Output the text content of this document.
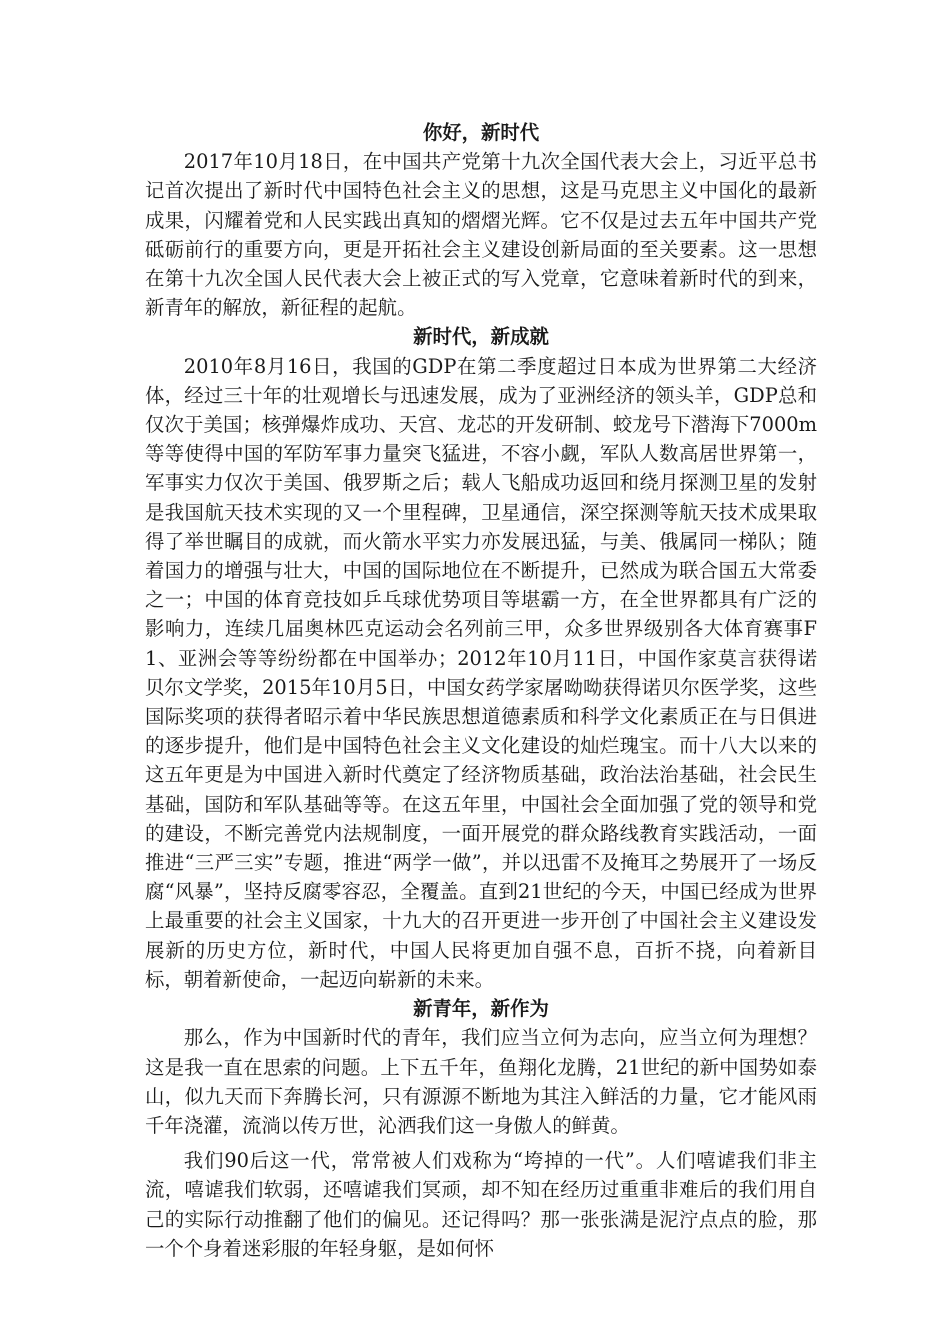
你好，新时代

2017年10月18日，在中国共产党第十九次全国代表大会上，习近平总书记首次提出了新时代中国特色社会主义的思想，这是马克思主义中国化的最新成果，闪耀着党和人民实践出真知的熠熠光辉。它不仅是过去五年中国共产党砥砺前行的重要方向，更是开拓社会主义建设创新局面的至关要素。这一思想在第十九次全国人民代表大会上被正式的写入党章，它意味着新时代的到来，新青年的解放，新征程的起航。

新时代，新成就

2010年8月16日，我国的GDP在第二季度超过日本成为世界第二大经济体，经过三十年的壮观增长与迅速发展，成为了亚洲经济的领头羊，GDP总和仅次于美国；核弹爆炸成功、天宫、龙芯的开发研制、蛟龙号下潜海下7000m等等使得中国的军防军事力量突飞猛进，不容小觑，军队人数高居世界第一，军事实力仅次于美国、俄罗斯之后；载人飞船成功返回和绕月探测卫星的发射是我国航天技术实现的又一个里程碑，卫星通信，深空探测等航天技术成果取得了举世瞩目的成就，而火箭水平实力亦发展迅猛，与美、俄属同一梯队；随着国力的增强与壮大，中国的国际地位在不断提升，已然成为联合国五大常委之一；中国的体育竞技如乒乓球优势项目等堪霸一方，在全世界都具有广泛的影响力，连续几届奥林匹克运动会名列前三甲，众多世界级别各大体育赛事F1、亚洲会等等纷纷都在中国举办；2012年10月11日，中国作家莫言获得诺贝尔文学奖，2015年10月5日，中国女药学家屠呦呦获得诺贝尔医学奖，这些国际奖项的获得者昭示着中华民族思想道德素质和科学文化素质正在与日俱进的逐步提升，他们是中国特色社会主义文化建设的灿烂瑰宝。而十八大以来的这五年更是为中国进入新时代奠定了经济物质基础，政治法治基础，社会民生基础，国防和军队基础等等。在这五年里，中国社会全面加强了党的领导和党的建设，不断完善党内法规制度，一面开展党的群众路线教育实践活动，一面推进“三严三实”专题，推进“两学一做”，并以迅雷不及掩耳之势展开了一场反腐“风暴”，坚持反腐零容忍，全覆盖。直到21世纪的今天，中国已经成为世界上最重要的社会主义国家，十九大的召开更进一步开创了中国社会主义建设发展新的历史方位，新时代，中国人民将更加自强不息，百折不挠，向着新目标，朝着新使命，一起迈向崭新的未来。

新青年，新作为

那么，作为中国新时代的青年，我们应当立何为志向，应当立何为理想？这是我一直在思索的问题。上下五千年，鱼翔化龙腾，21世纪的新中国势如泰山，似九天而下奔腾长河，只有源源不断地为其注入鲜活的力量，它才能风雨千年浇灌，流淌以传万世，沁洒我们这一身傲人的鲜黄。

我们90后这一代，常常被人们戏称为“垮掉的一代”。人们嘻谑我们非主流，嘻谑我们软弱，还嘻谑我们冥顽，却不知在经历过重重非难后的我们用自己的实际行动推翻了他们的偏见。还记得吗？那一张张满是泥泞点点的脸，那一个个身着迷彩服的年轻身躯，是如何怀
